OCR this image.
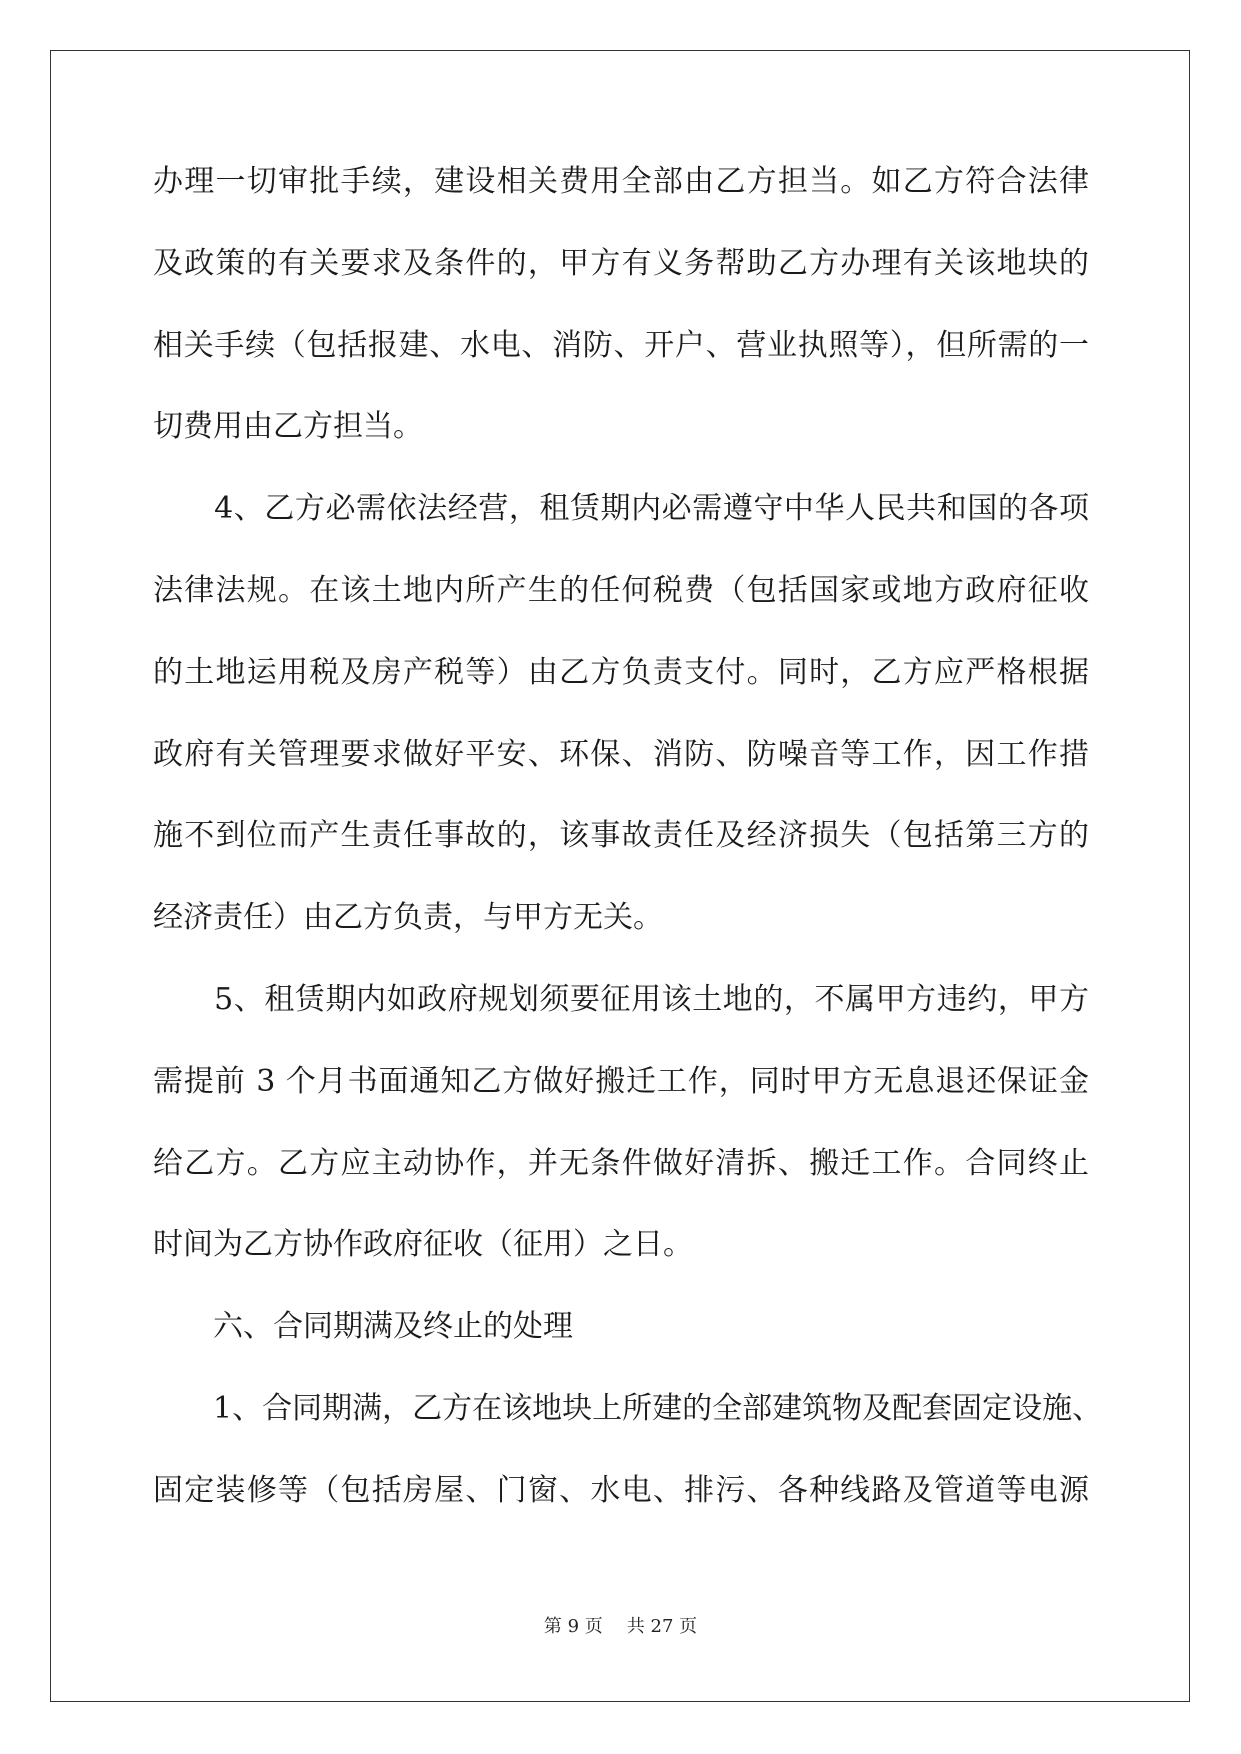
办理一切审批手续，建设相关费用全部由乙方担当。如乙方符合法律
及政策的有关要求及条件的，甲方有义务帮助乙方办理有关该地块的
相关手续（包括报建、水电、消防、开户、营业执照等），但所需的一
切费用由乙方担当。
　　4、乙方必需依法经营，租赁期内必需遵守中华人民共和国的各项
法律法规。在该土地内所产生的任何税费（包括国家或地方政府征收
的土地运用税及房产税等）由乙方负责支付。同时，乙方应严格根据
政府有关管理要求做好平安、环保、消防、防噪音等工作，因工作措
施不到位而产生责任事故的，该事故责任及经济损失（包括第三方的
经济责任）由乙方负责，与甲方无关。
　　5、租赁期内如政府规划须要征用该土地的，不属甲方违约，甲方
需提前 3 个月书面通知乙方做好搬迁工作，同时甲方无息退还保证金
给乙方。乙方应主动协作，并无条件做好清拆、搬迁工作。合同终止
时间为乙方协作政府征收（征用）之日。
　　六、合同期满及终止的处理
　　1、合同期满，乙方在该地块上所建的全部建筑物及配套固定设施、
固定装修等（包括房屋、门窗、水电、排污、各种线路及管道等电源
第 9 页 共 27 页
